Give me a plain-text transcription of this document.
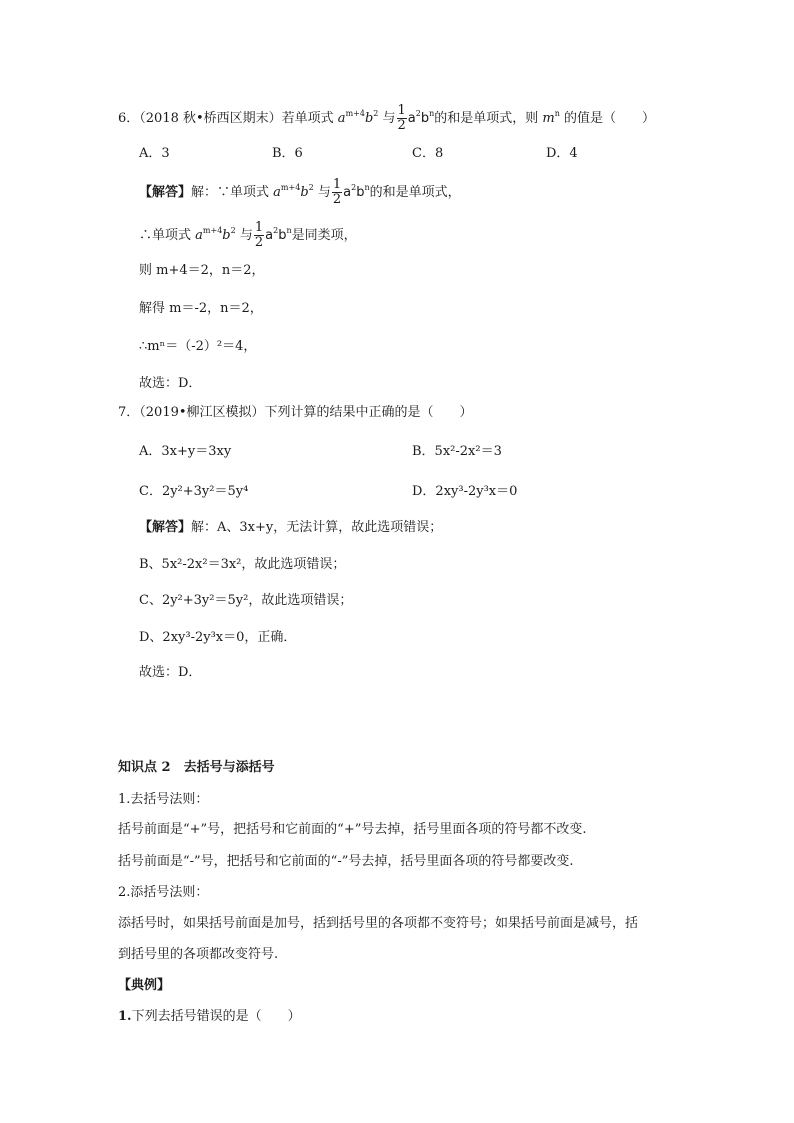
6．（2018 秋•桥西区期末）若单项式 $a^{m+4}b^2$ 与 $\frac{1}{2} a^2b^n$的和是单项式，则 $m^n$ 的值是（　　）
A．3	B．6	C．8	D．4
【解答】解：∵单项式 $a^{m+4}b^2$ 与 $\frac{1}{2} a^2b^n$的和是单项式，
∴单项式 $a^{m+4}b^2$ 与 $\frac{1}{2} a^2b^n$是同类项，
则 m+4＝2，n＝2，
解得 m＝-2，n＝2，
∴mⁿ＝（-2）²＝4，
故选：D．
7．（2019•柳江区模拟）下列计算的结果中正确的是（　　）
A．3x+y＝3xy	B．5x²-2x²＝3
C．2y²+3y²＝5y⁴	D．2xy³-2y³x＝0
【解答】解：A、3x+y，无法计算，故此选项错误；
B、5x²-2x²＝3x²，故此选项错误；
C、2y²+3y²＝5y²，故此选项错误；
D、2xy³-2y³x＝0，正确．
故选：D．
知识点 2　去括号与添括号
1.去括号法则：
括号前面是“+”号，把括号和它前面的“+”号去掉，括号里面各项的符号都不改变.
括号前面是“-”号，把括号和它前面的“-”号去掉，括号里面各项的符号都要改变.
2.添括号法则：
添括号时，如果括号前面是加号，括到括号里的各项都不变符号；如果括号前面是减号，括
到括号里的各项都改变符号.
【典例】
1.下列去括号错误的是（　　）
